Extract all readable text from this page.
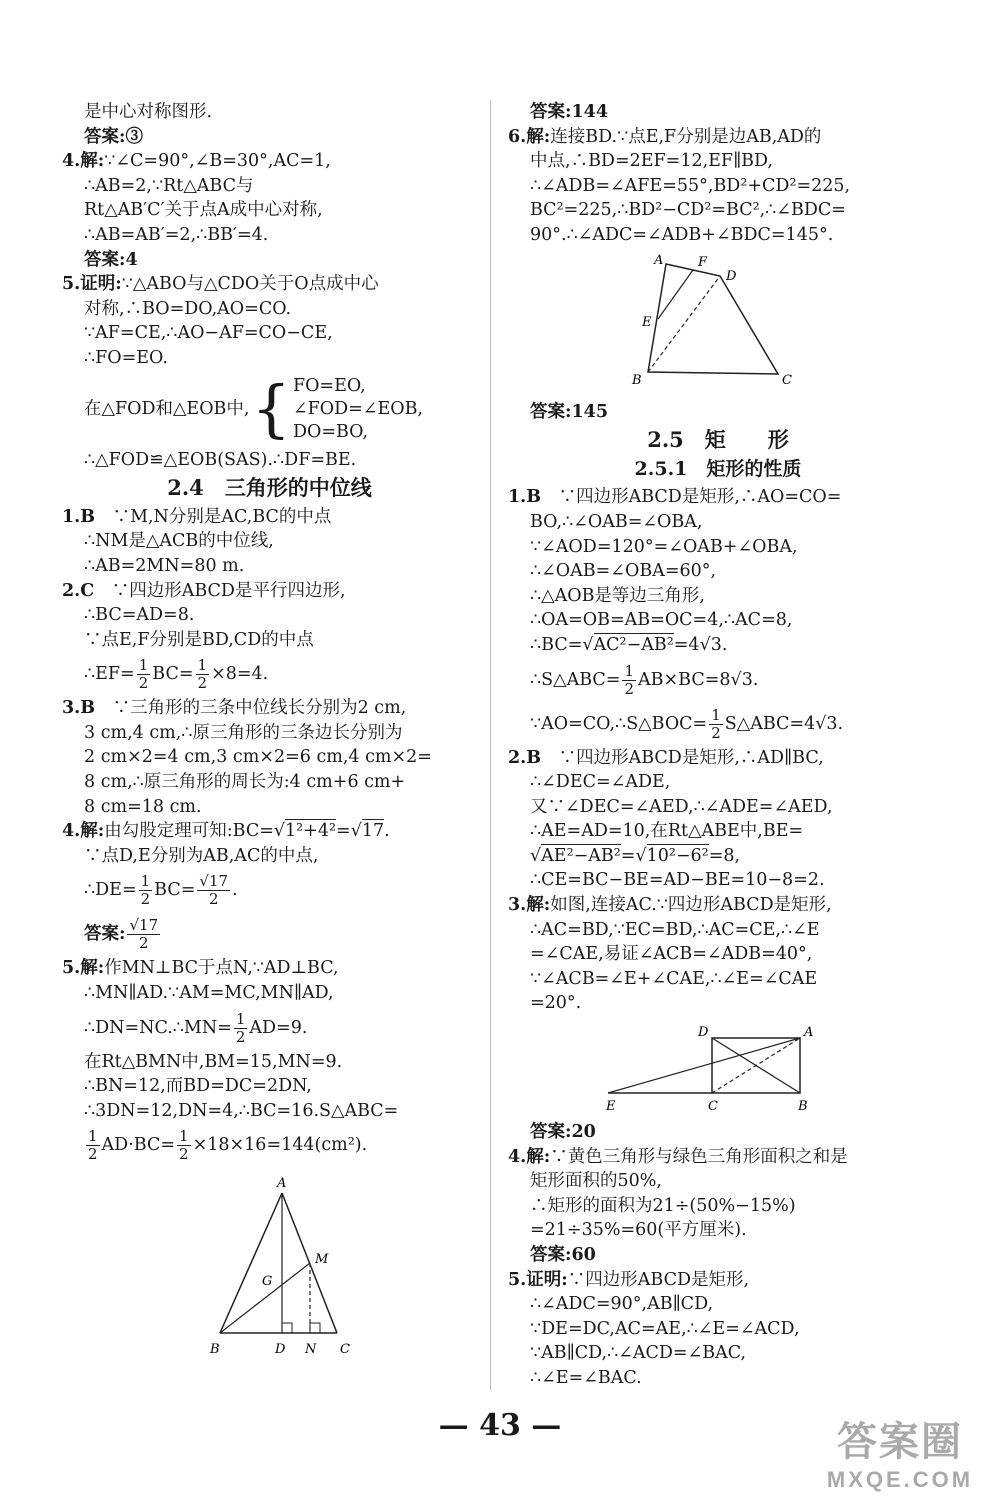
是中心对称图形.
答案:③
4.解:∵∠C=90°,∠B=30°,AC=1,
∴AB=2,∵Rt△ABC与
Rt△AB′C′关于点A成中心对称,
∴AB=AB′=2,∴BB′=4.
答案:4
5.证明:∵△ABO与△CDO关于O点成中心
对称,∴BO=DO,AO=CO.
∵AF=CE,∴AO−AF=CO−CE,
∴FO=EO.
在△FOD和△EOB中, { FO=EO,
∠FOD=∠EOB,
DO=BO,
∴△FOD≌△EOB(SAS).∴DF=BE.
2.4　三角形的中位线
1.B　 ∵M,N分别是AC,BC的中点
∴NM是△ACB的中位线,
∴AB=2MN=80 m.
2.C　 ∵四边形ABCD是平行四边形,
∴BC=AD=8.
∵点E,F分别是BD,CD的中点
∴EF= $\frac{1}{2} BC= \frac{1}{2} \times 8=4$.
3.B　 ∵三角形的三条中位线长分别为2 cm,
3 cm,4 cm,∴原三角形的三条边长分别为
2 cm×2=4 cm,3 cm×2=6 cm,4 cm×2=
8 cm,∴原三角形的周长为:4 cm+6 cm+
8 cm=18 cm.
4.解:由勾股定理可知:BC=√1²+4²=√17.
∵点D,E分别为AB,AC的中点,
∴DE= $\frac{1}{2} BC= \frac{√17}{2}$ .
答案: $\frac{√17}{2}$
5.解:作MN⊥BC于点N,∵AD⊥BC,
∴MN∥AD.∵AM=MC,MN∥AD,
∴DN=NC.∴MN= $\frac{1}{2} AD=9$.
在Rt△BMN中,BM=15,MN=9.
∴BN=12,而BD=DC=2DN,
∴3DN=12,DN=4,∴BC=16.S△ABC=
$\frac{1}{2} AD\cdot BC= \frac{1}{2} \times 18\times 16=144(cm^2)$.
A
G
M
B	D N C
答案:144
6.解:连接BD.∵点E,F分别是边AB,AD的
中点,∴BD=2EF=12,EF∥BD,
∴∠ADB=∠AFE=55°,BD²+CD²=225,
BC²=225,∴BD²−CD²=BC²,∴∠BDC=
90°.∴∠ADC=∠ADB+∠BDC=145°.
A	F
D
E
B	C
答案:145
2.5　矩　　形
2.5.1　矩形的性质
1.B　 ∵四边形ABCD是矩形,∴AO=CO=
BO,∴∠OAB=∠OBA,
∵∠AOD=120°=∠OAB+∠OBA,
∴∠OAB=∠OBA=60°,
∴△AOB是等边三角形,
∴OA=OB=AB=OC=4,∴AC=8,
∴BC=√AC²−AB²=4√3.
∴S△ABC= $\frac{1}{2} AB\times BC=8√3$.
∵AO=CO,∴S△BOC= $\frac{1}{2}$ S△ABC=4√3.
2.B　 ∵四边形ABCD是矩形,∴AD∥BC,
∴∠DEC=∠ADE,
又∵∠DEC=∠AED,∴∠ADE=∠AED,
∴AE=AD=10,在Rt△ABE中,BE=
√AE²−AB²=√10²−6²=8,
∴CE=BC−BE=AD−BE=10−8=2.
3.解:如图,连接AC.∵四边形ABCD是矩形,
∴AC=BD,∵EC=BD,∴AC=CE,∴∠E
=∠CAE,易证∠ACB=∠ADB=40°,
∵∠ACB=∠E+∠CAE,∴∠E=∠CAE
=20°.
D	A
E	C	B
答案:20
4.解:∵黄色三角形与绿色三角形面积之和是
矩形面积的50%,
∴矩形的面积为21÷(50%−15%)
=21÷35%=60(平方厘米).
答案:60
5.证明:∵四边形ABCD是矩形,
∴∠ADC=90°,AB∥CD,
∵DE=DC,AC=AE,∴∠E=∠ACD,
∵AB∥CD,∴∠ACD=∠BAC,
∴∠E=∠BAC.
— 43 —	答案圈
MXQE.COM
